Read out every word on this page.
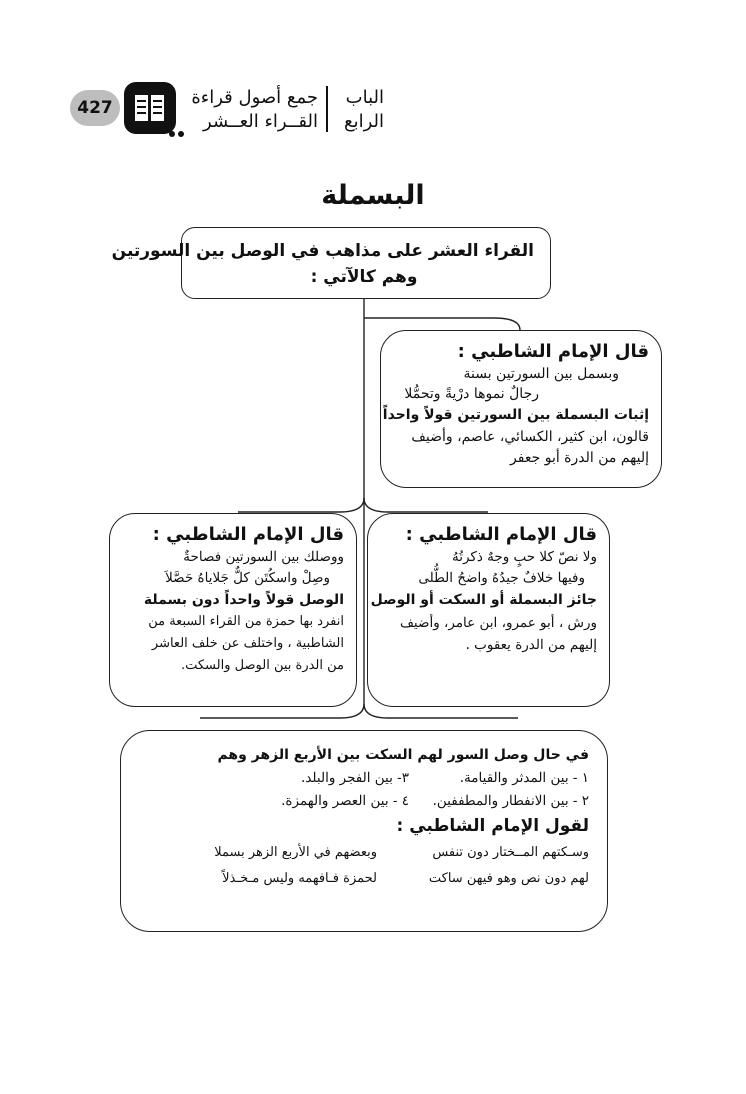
427	جمع أصول قراءة
القــراء العــشر
الباب
الرابع
البسملة
القراء العشر على مذاهب في الوصل بين السورتين
وهم كالآتي :
قال الإمام الشاطبي :
وبسمل بين السورتين بسنة
رجالٌ نموها درْيةً وتحمُّلا
إثبات البسملة بين السورتين قولاً واحداً
قالون، ابن كثير، الكسائي، عاصم، وأضيف
إليهم من الدرة أبو جعفر
قال الإمام الشاطبي :
ووصلك بين السورتين فصاحةٌ
وصِلْ واسكُتَن كلٌّ جَلاياهُ حَصَّلاَ
الوصل قولاً واحداً دون بسملة
انفرد بها حمزة من القراء السبعة من
الشاطبية ، واختلف عن خلف العاشر
من الدرة بين الوصل والسكت.
قال الإمام الشاطبي :
ولا نصّ كلا حبٍ وجهٌ ذكرتُهُ
وفيها خلافٌ جيدُهُ واضحُ الطُّلى
جائز البسملة أو السكت أو الوصل
ورش ، أبو عمرو، ابن عامر، وأضيف
إليهم من الدرة يعقوب .
في حال وصل السور لهم السكت بين الأربع الزهر وهم
١ - بين المدثر والقيامة.
٣- بين الفجر والبلد.
٢ - بين الانفطار والمطففين.
٤ - بين العصر والهمزة.
لقول الإمام الشاطبي :
وسـكتهم المــختار دون تنفس
وبعضهم في الأربع الزهر بسملا
لهم دون نص وهو فيهن ساكت
لحمزة فـافهمه وليس مـخـذلاً
